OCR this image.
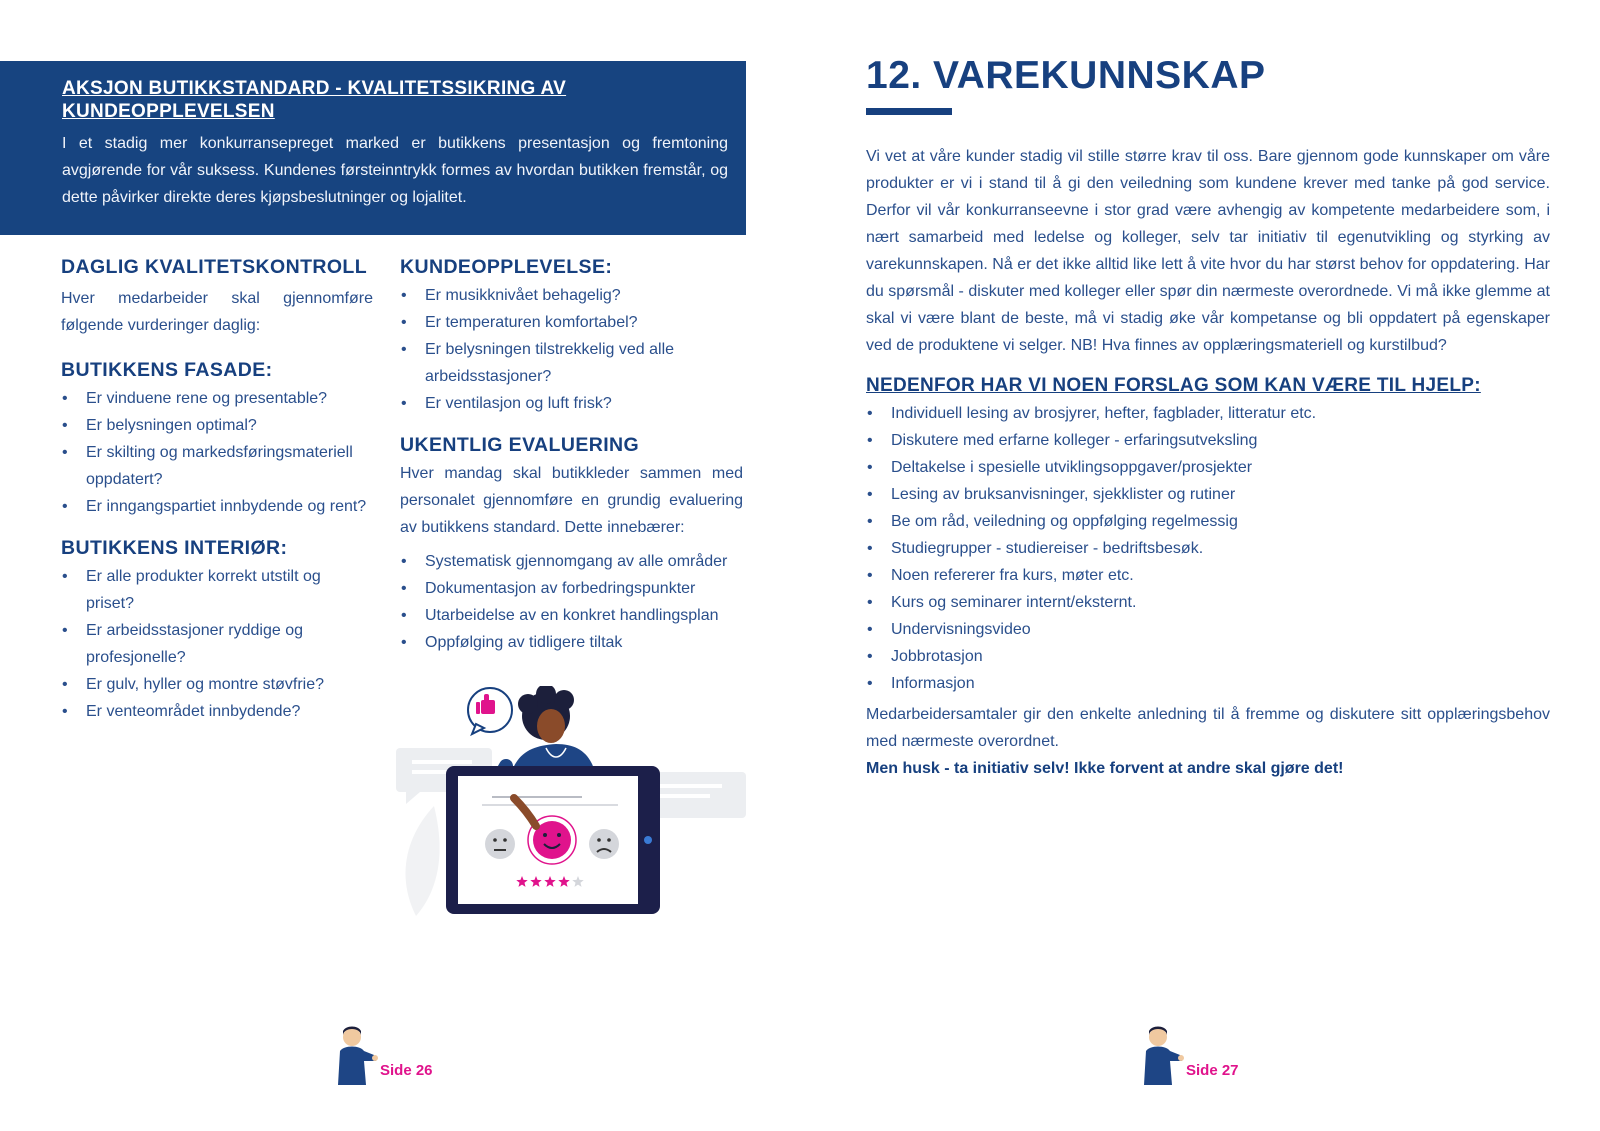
AKSJON BUTIKKSTANDARD - KVALITETSSIKRING AV KUNDEOPPLEVELSEN

I et stadig mer konkurransepreget marked er butikkens presentasjon og fremtoning avgjørende for vår suksess. Kundenes førsteinntrykk formes av hvordan butikken fremstår, og dette påvirker direkte deres kjøpsbeslutninger og lojalitet.

DAGLIG KVALITETSKONTROLL

Hver medarbeider skal gjennomføre følgende vurderinger daglig:

BUTIKKENS FASADE:
• Er vinduene rene og presentable?
• Er belysningen optimal?
• Er skilting og markedsføringsmateriell oppdatert?
• Er inngangspartiet innbydende og rent?
BUTIKKENS INTERIØR:
• Er alle produkter korrekt utstilt og priset?
• Er arbeidsstasjoner ryddige og profesjonelle?
• Er gulv, hyller og montre støvfrie?
• Er venteområdet innbydende?
KUNDEOPPLEVELSE:
• Er musikknivået behagelig?
• Er temperaturen komfortabel?
• Er belysningen tilstrekkelig ved alle arbeidsstasjoner?
• Er ventilasjon og luft frisk?
UKENTLIG EVALUERING

Hver mandag skal butikkleder sammen med personalet gjennomføre en grundig evaluering av butikkens standard. Dette innebærer:

• Systematisk gjennomgang av alle områder
• Dokumentasjon av forbedringspunkter
• Utarbeidelse av en konkret handlingsplan
• Oppfølging av tidligere tiltak
12. VAREKUNNSKAP

Vi vet at våre kunder stadig vil stille større krav til oss. Bare gjennom gode kunnskaper om våre produkter er vi i stand til å gi den veiledning som kundene krever med tanke på god service. Derfor vil vår konkurranseevne i stor grad være avhengig av kompetente medarbeidere som, i nært samarbeid med ledelse og kolleger, selv tar initiativ til egenutvikling og styrking av varekunnskapen. Nå er det ikke alltid like lett å vite hvor du har størst behov for oppdatering. Har du spørsmål - diskuter med kolleger eller spør din nærmeste overordnede. Vi må ikke glemme at skal vi være blant de beste, må vi stadig øke vår kompetanse og bli oppdatert på egenskaper ved de produktene vi selger. NB! Hva finnes av opplæringsmateriell og kurstilbud?

NEDENFOR HAR VI NOEN FORSLAG SOM KAN VÆRE TIL HJELP:
• Individuell lesing av brosjyrer, hefter, fagblader, litteratur etc.
• Diskutere med erfarne kolleger - erfaringsutveksling
• Deltakelse i spesielle utviklingsoppgaver/prosjekter
• Lesing av bruksanvisninger, sjekklister og rutiner
• Be om råd, veiledning og oppfølging regelmessig
• Studiegrupper - studiereiser - bedriftsbesøk.
• Noen refererer fra kurs, møter etc.
• Kurs og seminarer internt/eksternt.
• Undervisningsvideo
• Jobbrotasjon
• Informasjon

Medarbeidersamtaler gir den enkelte anledning til å fremme og diskutere sitt opplæringsbehov med nærmeste overordnet.

Men husk - ta initiativ selv! Ikke forvent at andre skal gjøre det!

Side 26	Side 27
